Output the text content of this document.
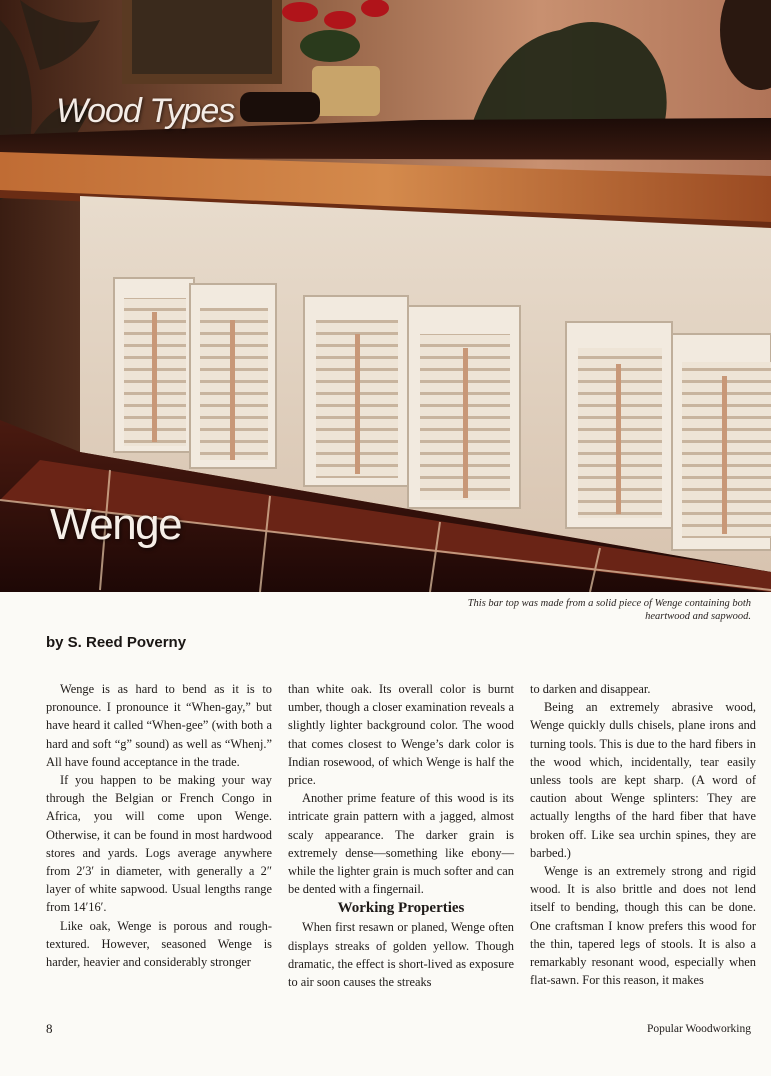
Wood Types
Wenge
This bar top was made from a solid piece of Wenge containing both heartwood and sapwood.
by S. Reed Poverny

Wenge is as hard to bend as it is to pronounce. I pronounce it “When-gay,” but have heard it called “When-gee” (with both a hard and soft “g” sound) as well as “Whenj.” All have found acceptance in the trade.

If you happen to be making your way through the Belgian or French Congo in Africa, you will come upon Wenge. Otherwise, it can be found in most hardwood stores and yards. Logs average anywhere from 2′3′ in diameter, with generally a 2″ layer of white sapwood. Usual lengths range from 14′16′.

Like oak, Wenge is porous and rough-textured. However, seasoned Wenge is harder, heavier and considerably stronger

than white oak. Its overall color is burnt umber, though a closer examination reveals a slightly lighter background color. The wood that comes closest to Wenge’s dark color is Indian rosewood, of which Wenge is half the price.

Another prime feature of this wood is its intricate grain pattern with a jagged, almost scaly appearance. The darker grain is extremely dense—something like ebony—while the lighter grain is much softer and can be dented with a fingernail.

Working Properties

When first resawn or planed, Wenge often displays streaks of golden yellow. Though dramatic, the effect is short-lived as exposure to air soon causes the streaks

to darken and disappear.

Being an extremely abrasive wood, Wenge quickly dulls chisels, plane irons and turning tools. This is due to the hard fibers in the wood which, incidentally, tear easily unless tools are kept sharp. (A word of caution about Wenge splinters: They are actually lengths of the hard fiber that have broken off. Like sea urchin spines, they are barbed.)

Wenge is an extremely strong and rigid wood. It is also brittle and does not lend itself to bending, though this can be done. One craftsman I know prefers this wood for the thin, tapered legs of stools. It is also a remarkably resonant wood, especially when flat-sawn. For this reason, it makes

8	Popular Woodworking
